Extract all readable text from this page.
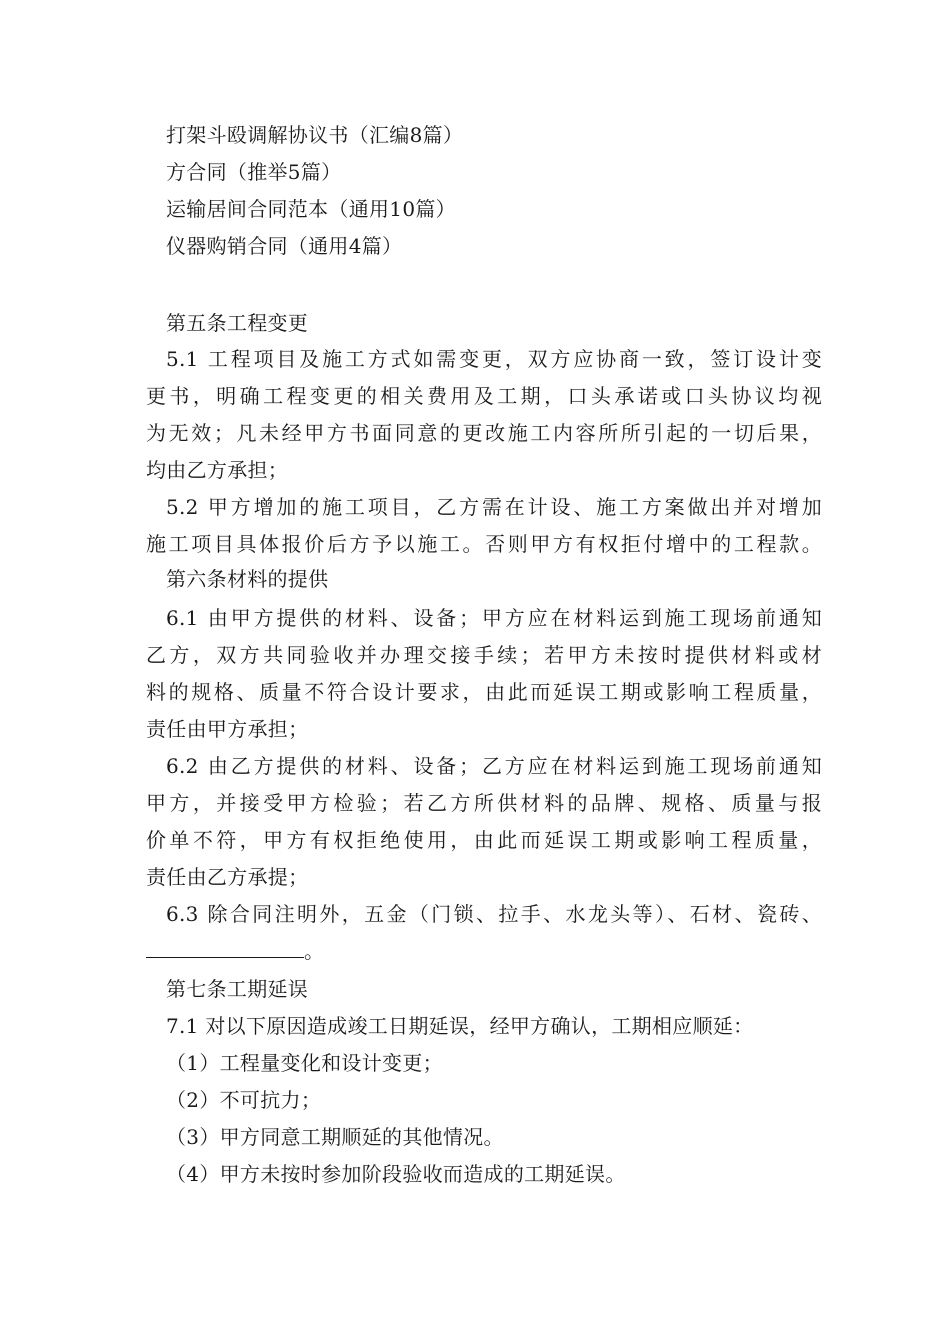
打架斗殴调解协议书（汇编8篇）
方合同（推举5篇）
运输居间合同范本（通用10篇）
仪器购销合同（通用4篇）
第五条工程变更
5.1 工程项目及施工方式如需变更，双方应协商一致，签订设计变
更书，明确工程变更的相关费用及工期，口头承诺或口头协议均视
为无效；凡未经甲方书面同意的更改施工内容所所引起的一切后果，
均由乙方承担；
5.2 甲方增加的施工项目，乙方需在计设、施工方案做出并对增加
施工项目具体报价后方予以施工。否则甲方有权拒付增中的工程款。
第六条材料的提供
6.1 由甲方提供的材料、设备；甲方应在材料运到施工现场前通知
乙方，双方共同验收并办理交接手续；若甲方未按时提供材料或材
料的规格、质量不符合设计要求，由此而延误工期或影响工程质量，
责任由甲方承担；
6.2 由乙方提供的材料、设备；乙方应在材料运到施工现场前通知
甲方，并接受甲方检验；若乙方所供材料的品牌、规格、质量与报
价单不符，甲方有权拒绝使用，由此而延误工期或影响工程质量，
责任由乙方承提；
6.3 除合同注明外，五金（门锁、拉手、水龙头等）、石材、瓷砖、
。
第七条工期延误
7.1 对以下原因造成竣工日期延误，经甲方确认，工期相应顺延：
（1）工程量变化和设计变更；
（2）不可抗力；
（3）甲方同意工期顺延的其他情况。
（4）甲方未按时参加阶段验收而造成的工期延误。
